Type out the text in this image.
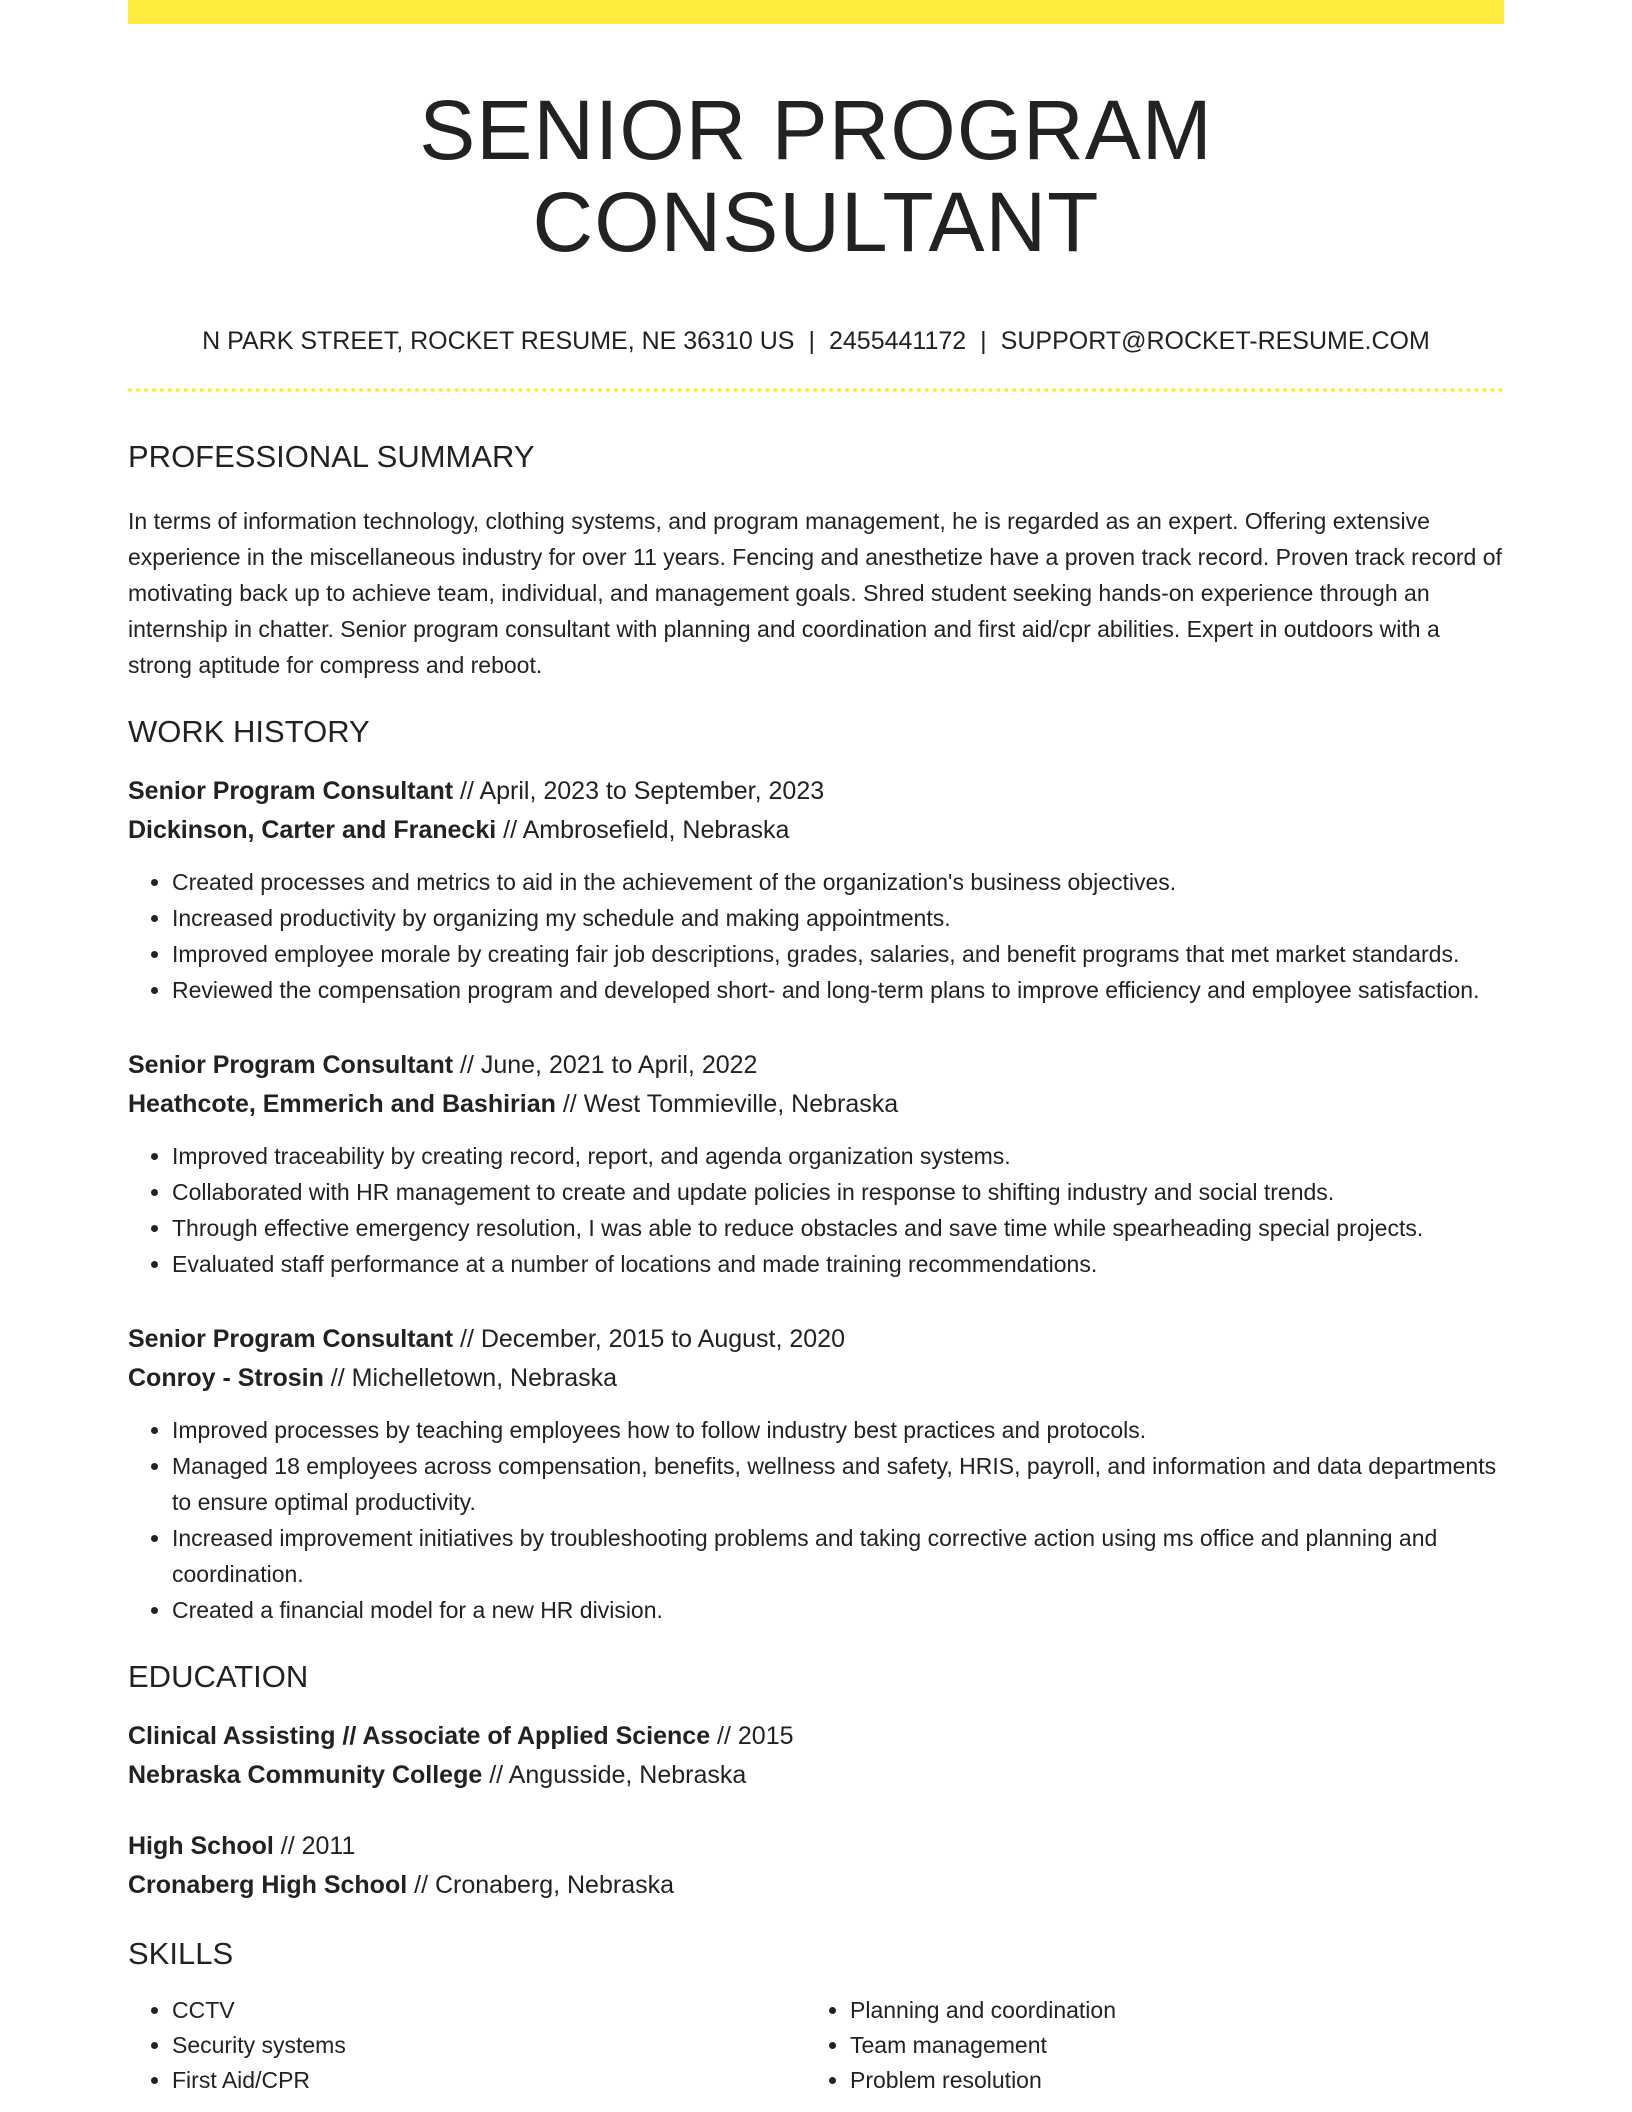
SENIOR PROGRAM CONSULTANT
N PARK STREET, ROCKET RESUME, NE 36310 US | 2455441172 | SUPPORT@ROCKET-RESUME.COM
PROFESSIONAL SUMMARY

In terms of information technology, clothing systems, and program management, he is regarded as an expert. Offering extensive experience in the miscellaneous industry for over 11 years. Fencing and anesthetize have a proven track record. Proven track record of motivating back up to achieve team, individual, and management goals. Shred student seeking hands-on experience through an internship in chatter. Senior program consultant with planning and coordination and first aid/cpr abilities. Expert in outdoors with a strong aptitude for compress and reboot.

WORK HISTORY
Senior Program Consultant // April, 2023 to September, 2023
Dickinson, Carter and Franecki // Ambrosefield, Nebraska
• Created processes and metrics to aid in the achievement of the organization's business objectives.
• Increased productivity by organizing my schedule and making appointments.
• Improved employee morale by creating fair job descriptions, grades, salaries, and benefit programs that met market standards.
• Reviewed the compensation program and developed short- and long-term plans to improve efficiency and employee satisfaction.
Senior Program Consultant // June, 2021 to April, 2022
Heathcote, Emmerich and Bashirian // West Tommieville, Nebraska
• Improved traceability by creating record, report, and agenda organization systems.
• Collaborated with HR management to create and update policies in response to shifting industry and social trends.
• Through effective emergency resolution, I was able to reduce obstacles and save time while spearheading special projects.
• Evaluated staff performance at a number of locations and made training recommendations.
Senior Program Consultant // December, 2015 to August, 2020
Conroy - Strosin // Michelletown, Nebraska
• Improved processes by teaching employees how to follow industry best practices and protocols.
• Managed 18 employees across compensation, benefits, wellness and safety, HRIS, payroll, and information and data departments to ensure optimal productivity.
• Increased improvement initiatives by troubleshooting problems and taking corrective action using ms office and planning and coordination.
• Created a financial model for a new HR division.
EDUCATION
Clinical Assisting // Associate of Applied Science // 2015
Nebraska Community College // Angusside, Nebraska
High School // 2011
Cronaberg High School // Cronaberg, Nebraska
SKILLS
• CCTV
• Security systems
• First Aid/CPR
• Planning and coordination
• Team management
• Problem resolution
